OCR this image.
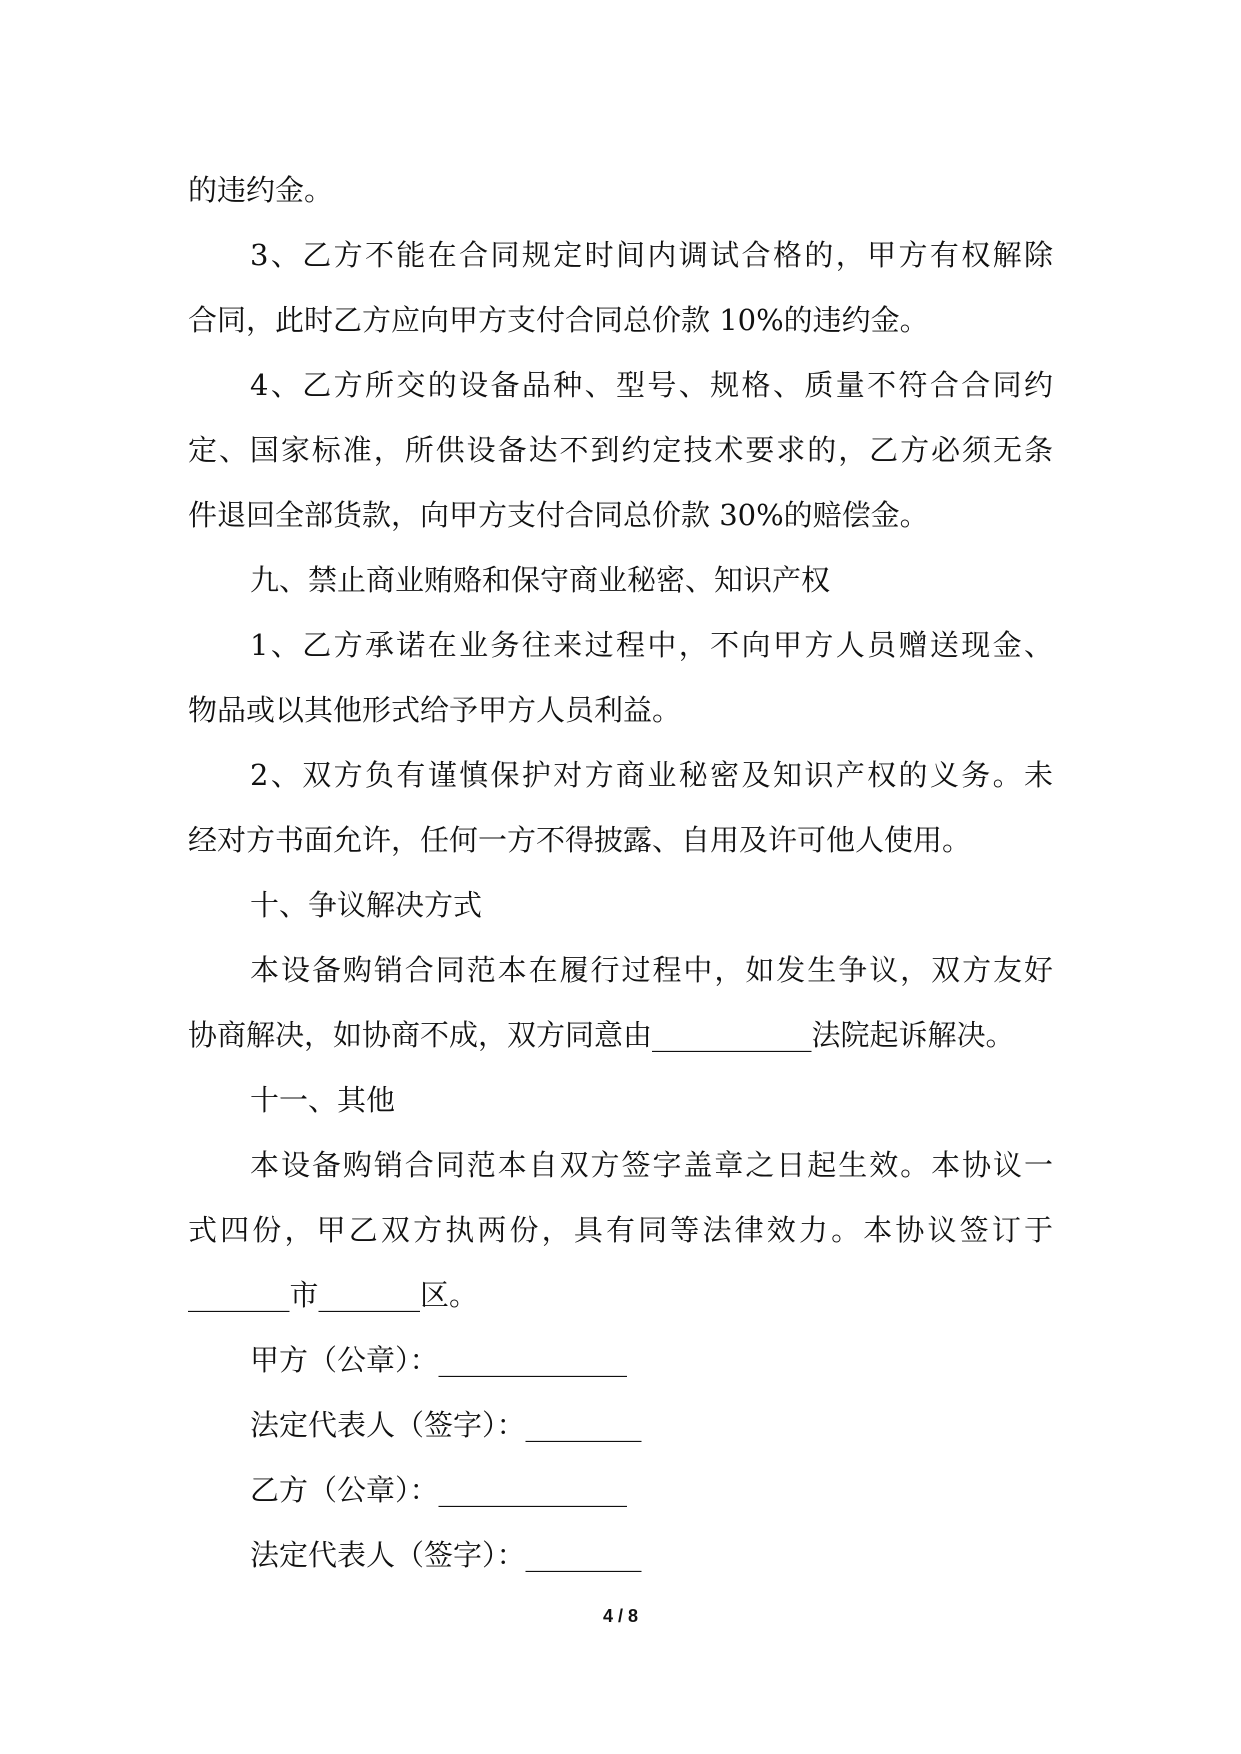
的违约金。
3、乙方不能在合同规定时间内调试合格的，甲方有权解除
合同，此时乙方应向甲方支付合同总价款 10%的违约金。
4、乙方所交的设备品种、型号、规格、质量不符合合同约
定、国家标准，所供设备达不到约定技术要求的，乙方必须无条
件退回全部货款，向甲方支付合同总价款 30%的赔偿金。
九、禁止商业贿赂和保守商业秘密、知识产权
1、乙方承诺在业务往来过程中，不向甲方人员赠送现金、
物品或以其他形式给予甲方人员利益。
2、双方负有谨慎保护对方商业秘密及知识产权的义务。未
经对方书面允许，任何一方不得披露、自用及许可他人使用。
十、争议解决方式
本设备购销合同范本在履行过程中，如发生争议，双方友好
协商解决，如协商不成，双方同意由___________法院起诉解决。
十一、其他
本设备购销合同范本自双方签字盖章之日起生效。本协议一
式四份，甲乙双方执两份，具有同等法律效力。本协议签订于
_______市_______区。
甲方（公章）：_____________
法定代表人（签字）：________
乙方（公章）：_____________
法定代表人（签字）：________
4 / 8
